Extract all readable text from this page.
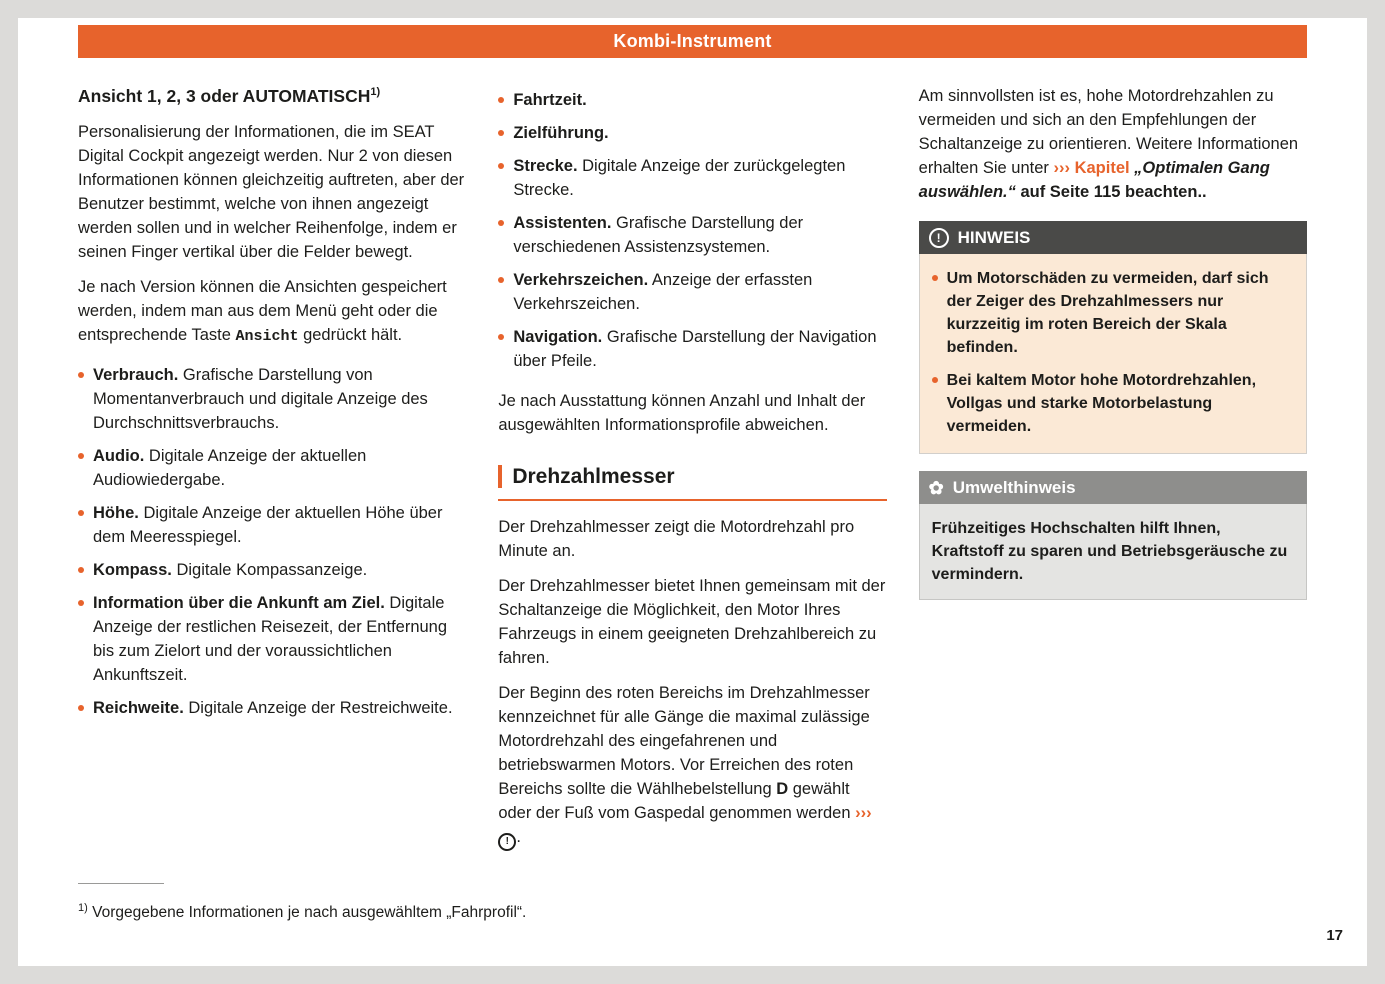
Kombi-Instrument
Ansicht 1, 2, 3 oder AUTOMATISCH$^{1)}$

Personalisierung der Informationen, die im SEAT Digital Cockpit angezeigt werden. Nur 2 von diesen Informationen können gleichzeitig auftreten, aber der Benutzer bestimmt, welche von ihnen angezeigt werden sollen und in welcher Reihenfolge, indem er seinen Finger vertikal über die Felder bewegt.

Je nach Version können die Ansichten gespeichert werden, indem man aus dem Menü geht oder die entsprechende Taste Ansicht gedrückt hält.

Verbrauch. Grafische Darstellung von Momentanverbrauch und digitale Anzeige des Durchschnittsverbrauchs.
Audio. Digitale Anzeige der aktuellen Audiowiedergabe.
Höhe. Digitale Anzeige der aktuellen Höhe über dem Meeresspiegel.
Kompass. Digitale Kompassanzeige.
Information über die Ankunft am Ziel. Digitale Anzeige der restlichen Reisezeit, der Entfernung bis zum Zielort und der voraussichtlichen Ankunftszeit.
Reichweite. Digitale Anzeige der Restreichweite.
Fahrtzeit.
Zielführung.
Strecke. Digitale Anzeige der zurückgelegten Strecke.
Assistenten. Grafische Darstellung der verschiedenen Assistenzsystemen.
Verkehrszeichen. Anzeige der erfassten Verkehrszeichen.
Navigation. Grafische Darstellung der Navigation über Pfeile.

Je nach Ausstattung können Anzahl und Inhalt der ausgewählten Informationsprofile abweichen.

Drehzahlmesser

Der Drehzahlmesser zeigt die Motordrehzahl pro Minute an.

Der Drehzahlmesser bietet Ihnen gemeinsam mit der Schaltanzeige die Möglichkeit, den Motor Ihres Fahrzeugs in einem geeigneten Drehzahlbereich zu fahren.

Der Beginn des roten Bereichs im Drehzahlmesser kennzeichnet für alle Gänge die maximal zulässige Motordrehzahl des eingefahrenen und betriebswarmen Motors. Vor Erreichen des roten Bereichs sollte die Wählhebelstellung D gewählt oder der Fuß vom Gaspedal genommen werden ›››
! .

Am sinnvollsten ist es, hohe Motordrehzahlen zu vermeiden und sich an den Empfehlungen der Schaltanzeige zu orientieren. Weitere Informationen erhalten Sie unter ››› Kapitel „Optimalen Gang auswählen.“ auf Seite 115 beachten..

! HINWEIS
Um Motorschäden zu vermeiden, darf sich der Zeiger des Drehzahlmessers nur kurzzeitig im roten Bereich der Skala befinden.
Bei kaltem Motor hohe Motordrehzahlen, Vollgas und starke Motorbelastung vermeiden.
✿ Umwelthinweis

Frühzeitiges Hochschalten hilft Ihnen, Kraftstoff zu sparen und Betriebsgeräusche zu vermindern.

$^{1)}$ Vorgegebene Informationen je nach ausgewähltem „Fahrprofil“.

17
